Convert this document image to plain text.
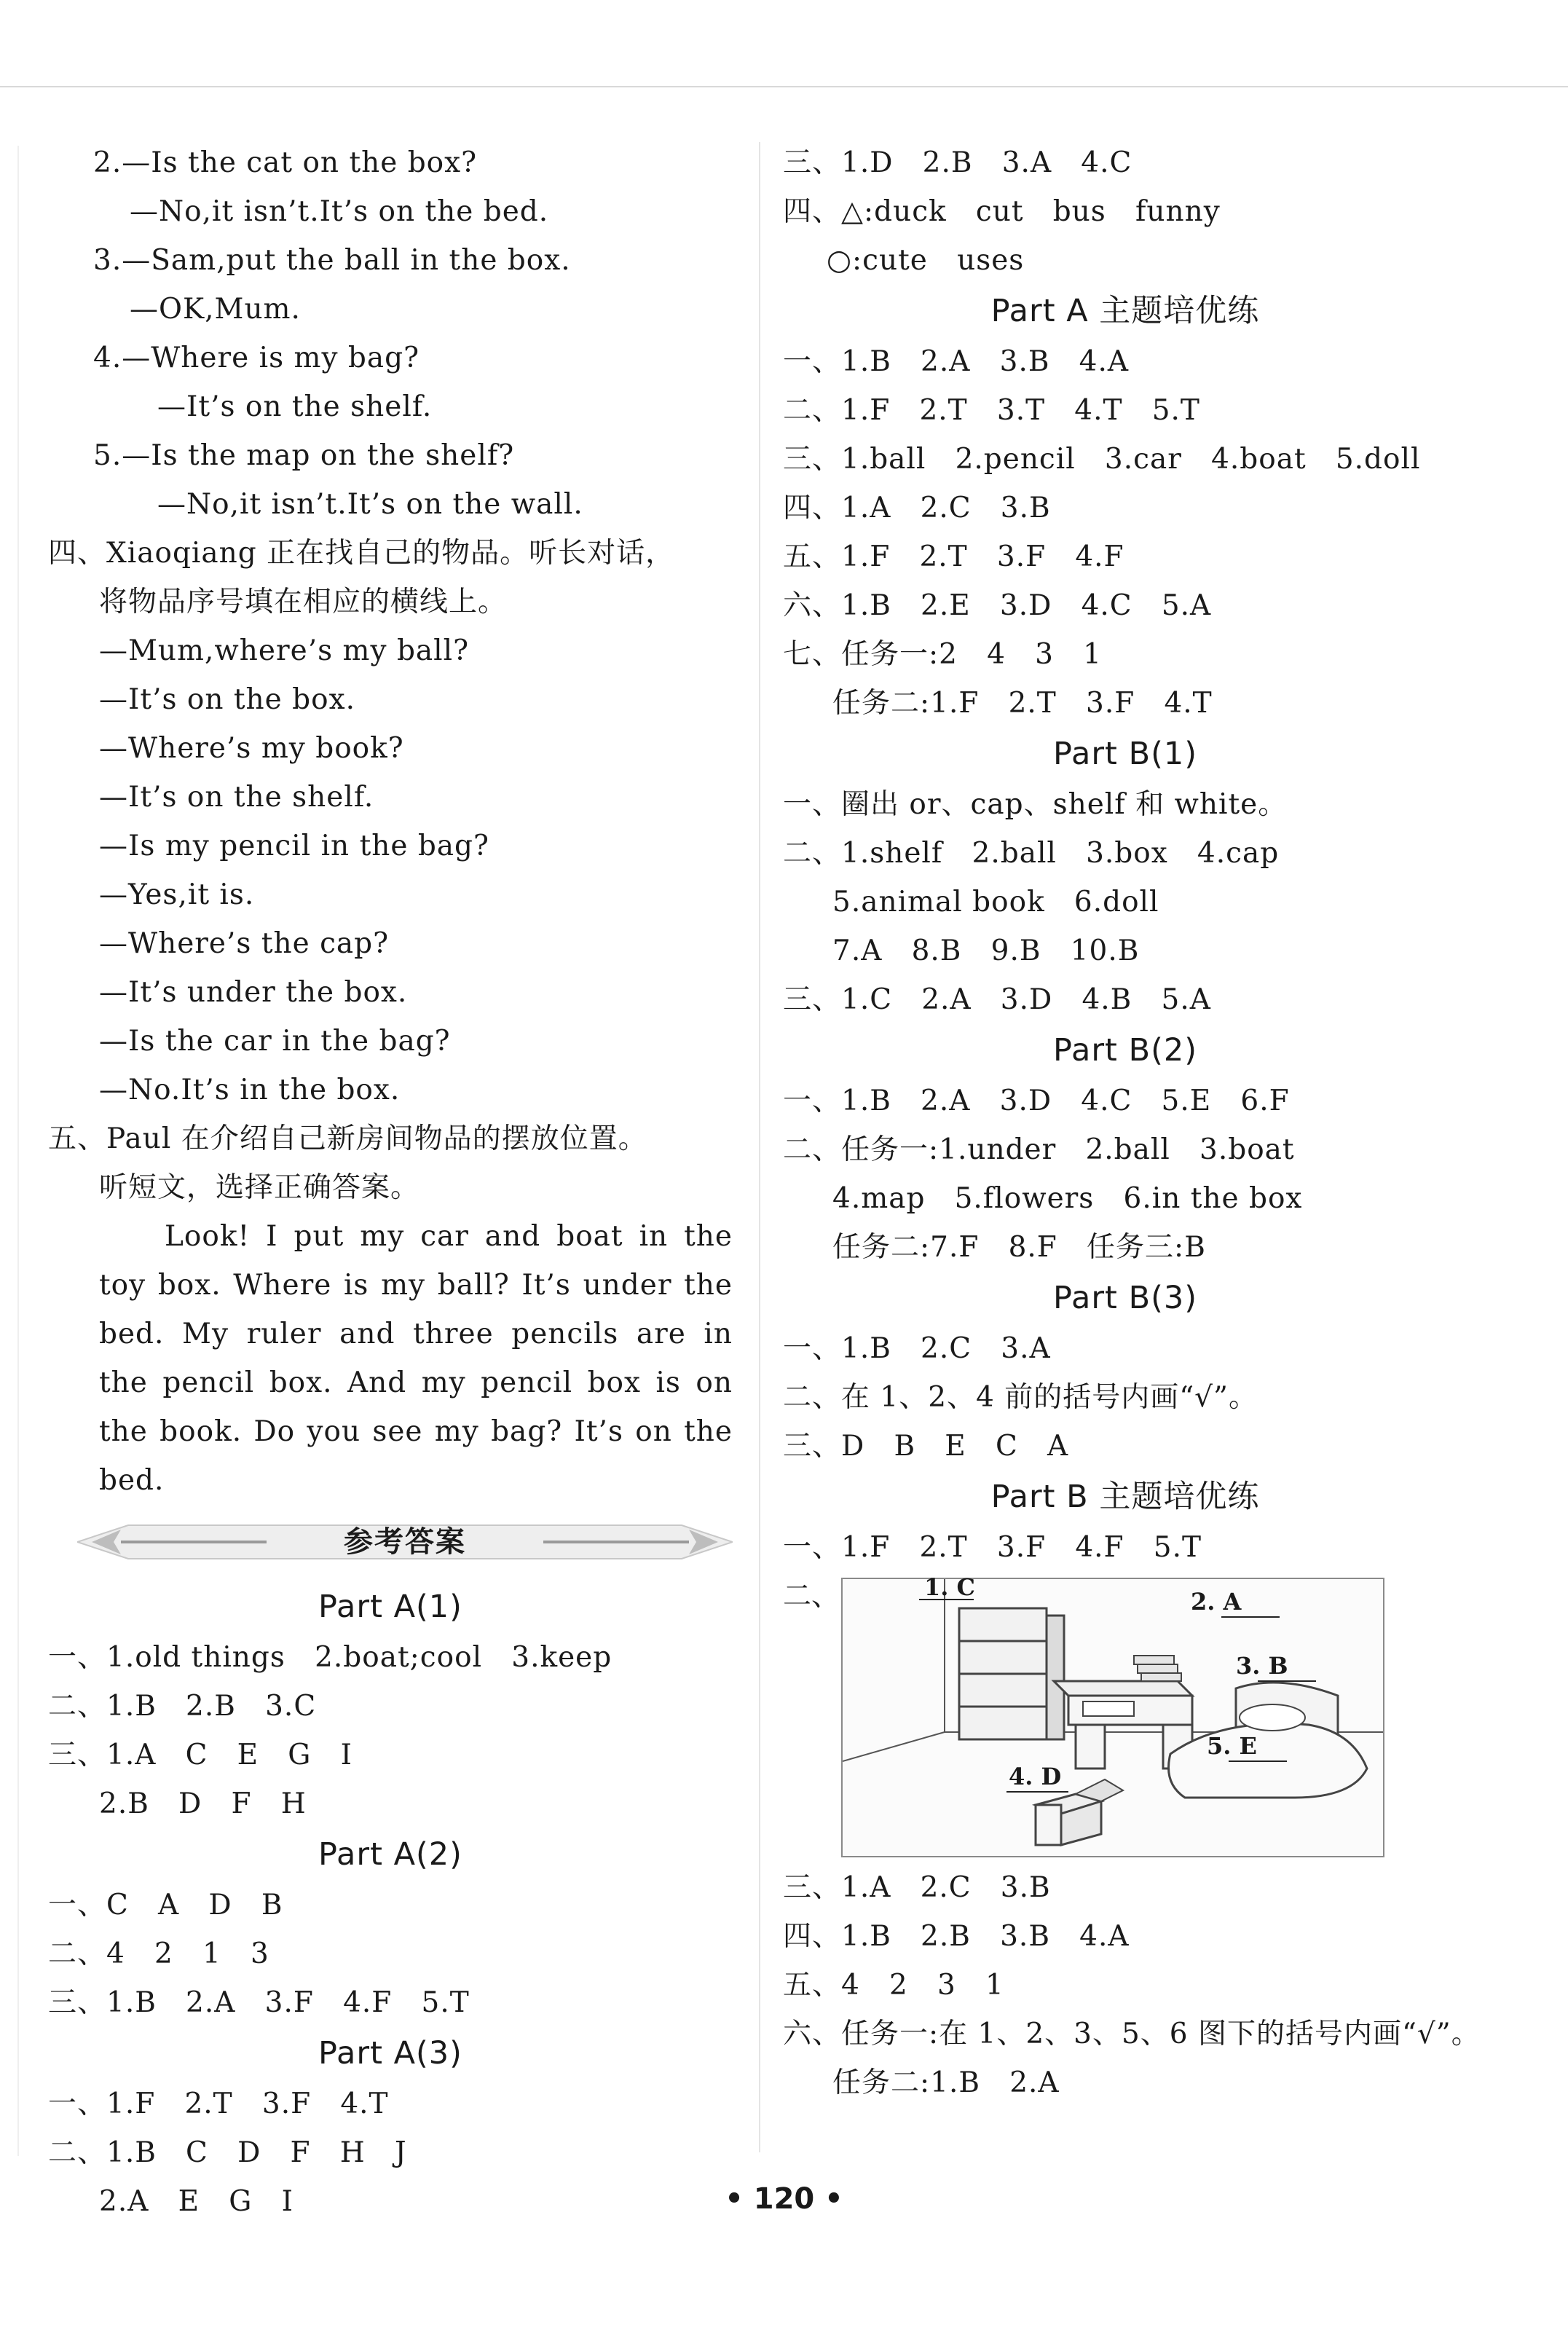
2.—Is the cat on the box?
—No,it isn’t.It’s on the bed.
3.—Sam,put the ball in the box.
—OK,Mum.
4.—Where is my bag?
—It’s on the shelf.
5.—Is the map on the shelf?
—No,it isn’t.It’s on the wall.
四、Xiaoqiang 正在找自己的物品。听长对话，
将物品序号填在相应的横线上。
—Mum,where’s my ball?
—It’s on the box.
—Where’s my book?
—It’s on the shelf.
—Is my pencil in the bag?
—Yes,it is.
—Where’s the cap?
—It’s under the box.
—Is the car in the bag?
—No.It’s in the box.
五、Paul 在介绍自己新房间物品的摆放位置。
听短文，选择正确答案。
Look! I put my car and boat in the toy box. Where is my ball? It’s under the bed. My ruler and three pencils are in the pencil box. And my pencil box is on the book. Do you see my bag? It’s on the bed.
参考答案
Part A(1)
一、1.old things   2.boat;cool   3.keep
二、1.B   2.B   3.C
三、1.A   C   E   G   I
2.B   D   F   H
Part A(2)
一、C   A   D   B
二、4   2   1   3
三、1.B   2.A   3.F   4.F   5.T
Part A(3)
一、1.F   2.T   3.F   4.T
二、1.B   C   D   F   H   J
2.A   E   G   I
三、1.D   2.B   3.A   4.C
四、△:duck   cut   bus   funny
○:cute   uses
Part A 主题培优练
一、1.B   2.A   3.B   4.A
二、1.F   2.T   3.T   4.T   5.T
三、1.ball   2.pencil   3.car   4.boat   5.doll
四、1.A   2.C   3.B
五、1.F   2.T   3.F   4.F
六、1.B   2.E   3.D   4.C   5.A
七、任务一:2   4   3   1
任务二:1.F   2.T   3.F   4.T
Part B(1)
一、圈出 or、cap、shelf 和 white。
二、1.shelf   2.ball   3.box   4.cap
5.animal book   6.doll
7.A   8.B   9.B   10.B
三、1.C   2.A   3.D   4.B   5.A
Part B(2)
一、1.B   2.A   3.D   4.C   5.E   6.F
二、任务一:1.under   2.ball   3.boat
4.map   5.flowers   6.in the box
任务二:7.F   8.F   任务三:B
Part B(3)
一、1.B   2.C   3.A
二、在 1、2、4 前的括号内画“√”。
三、D   B   E   C   A
Part B 主题培优练
一、1.F   2.T   3.F   4.F   5.T
二、	1. C
2. A
3. B
4. D
5. E
三、1.A   2.C   3.B
四、1.B   2.B   3.B   4.A
五、4   2   3   1
六、任务一:在 1、2、3、5、6 图下的括号内画“√”。
任务二:1.B   2.A
• 120 •
